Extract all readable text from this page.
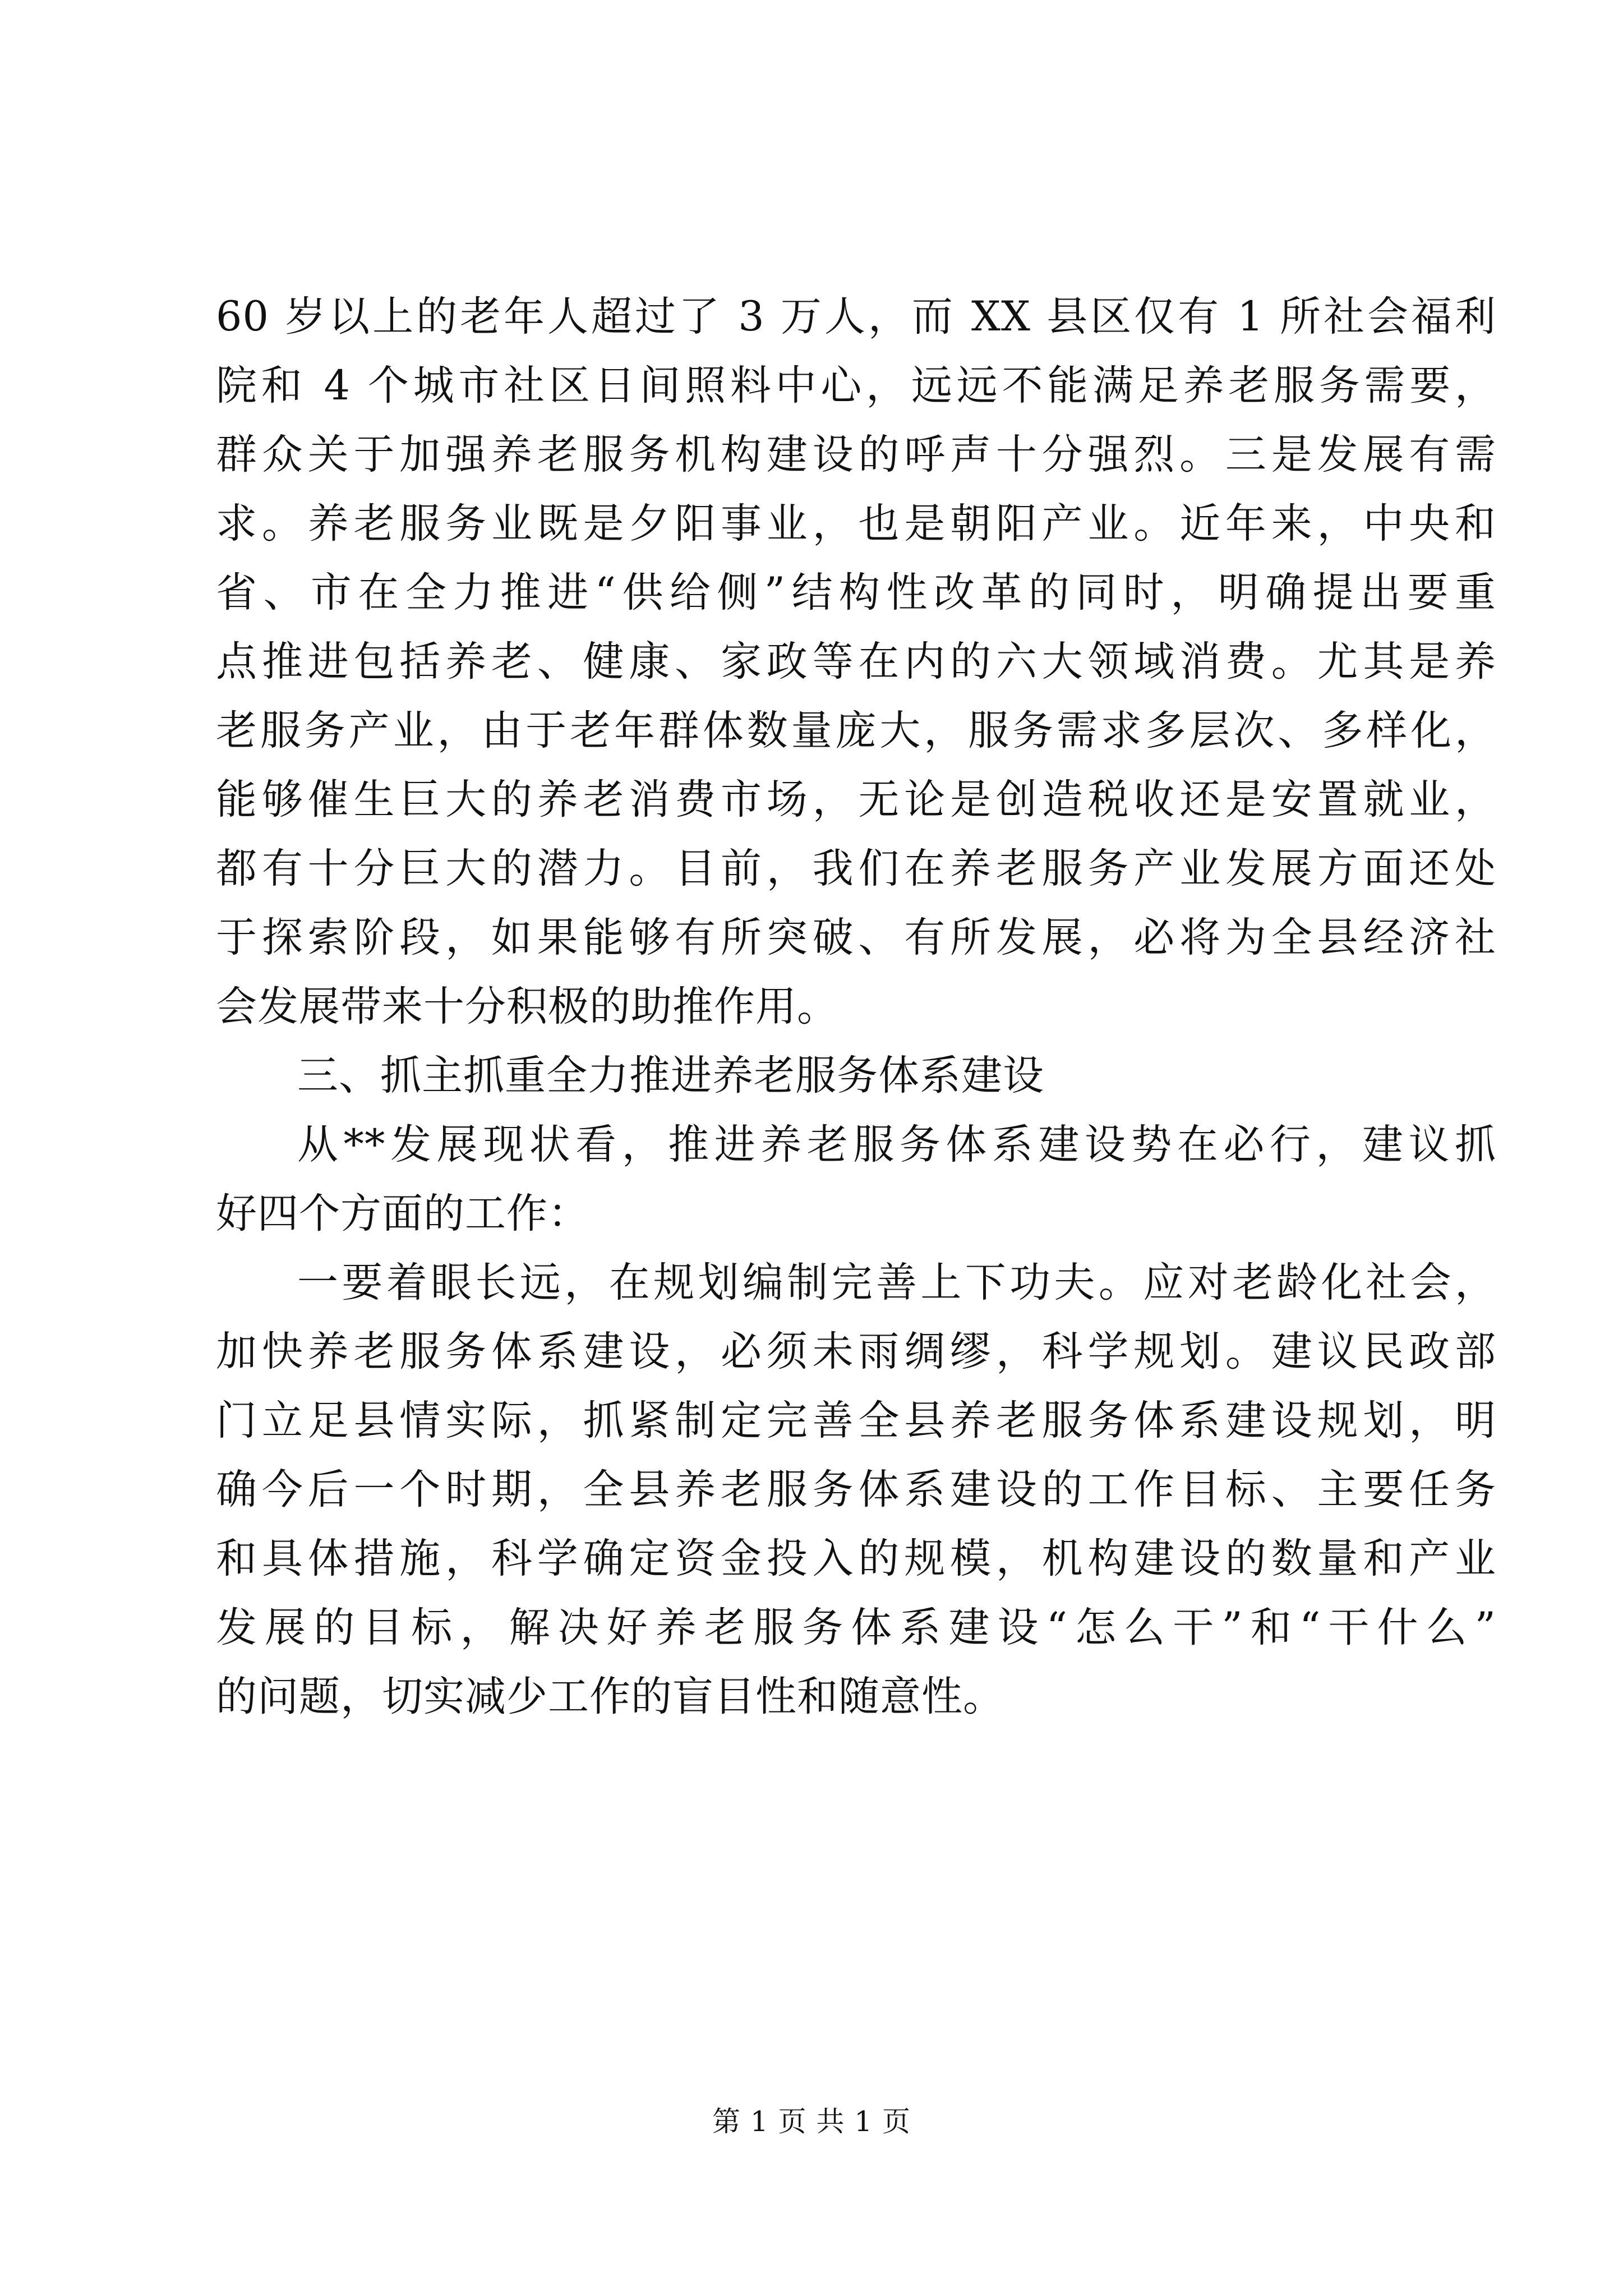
60 岁以上的老年人超过了 3 万人，而 XX 县区仅有 1 所社会福利
院和 4 个城市社区日间照料中心，远远不能满足养老服务需要，
群众关于加强养老服务机构建设的呼声十分强烈。三是发展有需
求。养老服务业既是夕阳事业，也是朝阳产业。近年来，中央和
省、市在全力推进“供给侧”结构性改革的同时，明确提出要重
点推进包括养老、健康、家政等在内的六大领域消费。尤其是养
老服务产业，由于老年群体数量庞大，服务需求多层次、多样化，
能够催生巨大的养老消费市场，无论是创造税收还是安置就业，
都有十分巨大的潜力。目前，我们在养老服务产业发展方面还处
于探索阶段，如果能够有所突破、有所发展，必将为全县经济社
会发展带来十分积极的助推作用。
三、抓主抓重全力推进养老服务体系建设
从**发展现状看，推进养老服务体系建设势在必行，建议抓
好四个方面的工作：
一要着眼长远，在规划编制完善上下功夫。应对老龄化社会，
加快养老服务体系建设，必须未雨绸缪，科学规划。建议民政部
门立足县情实际，抓紧制定完善全县养老服务体系建设规划，明
确今后一个时期，全县养老服务体系建设的工作目标、主要任务
和具体措施，科学确定资金投入的规模，机构建设的数量和产业
发展的目标，解决好养老服务体系建设“怎么干”和“干什么”
的问题，切实减少工作的盲目性和随意性。
第 1 页 共 1 页
